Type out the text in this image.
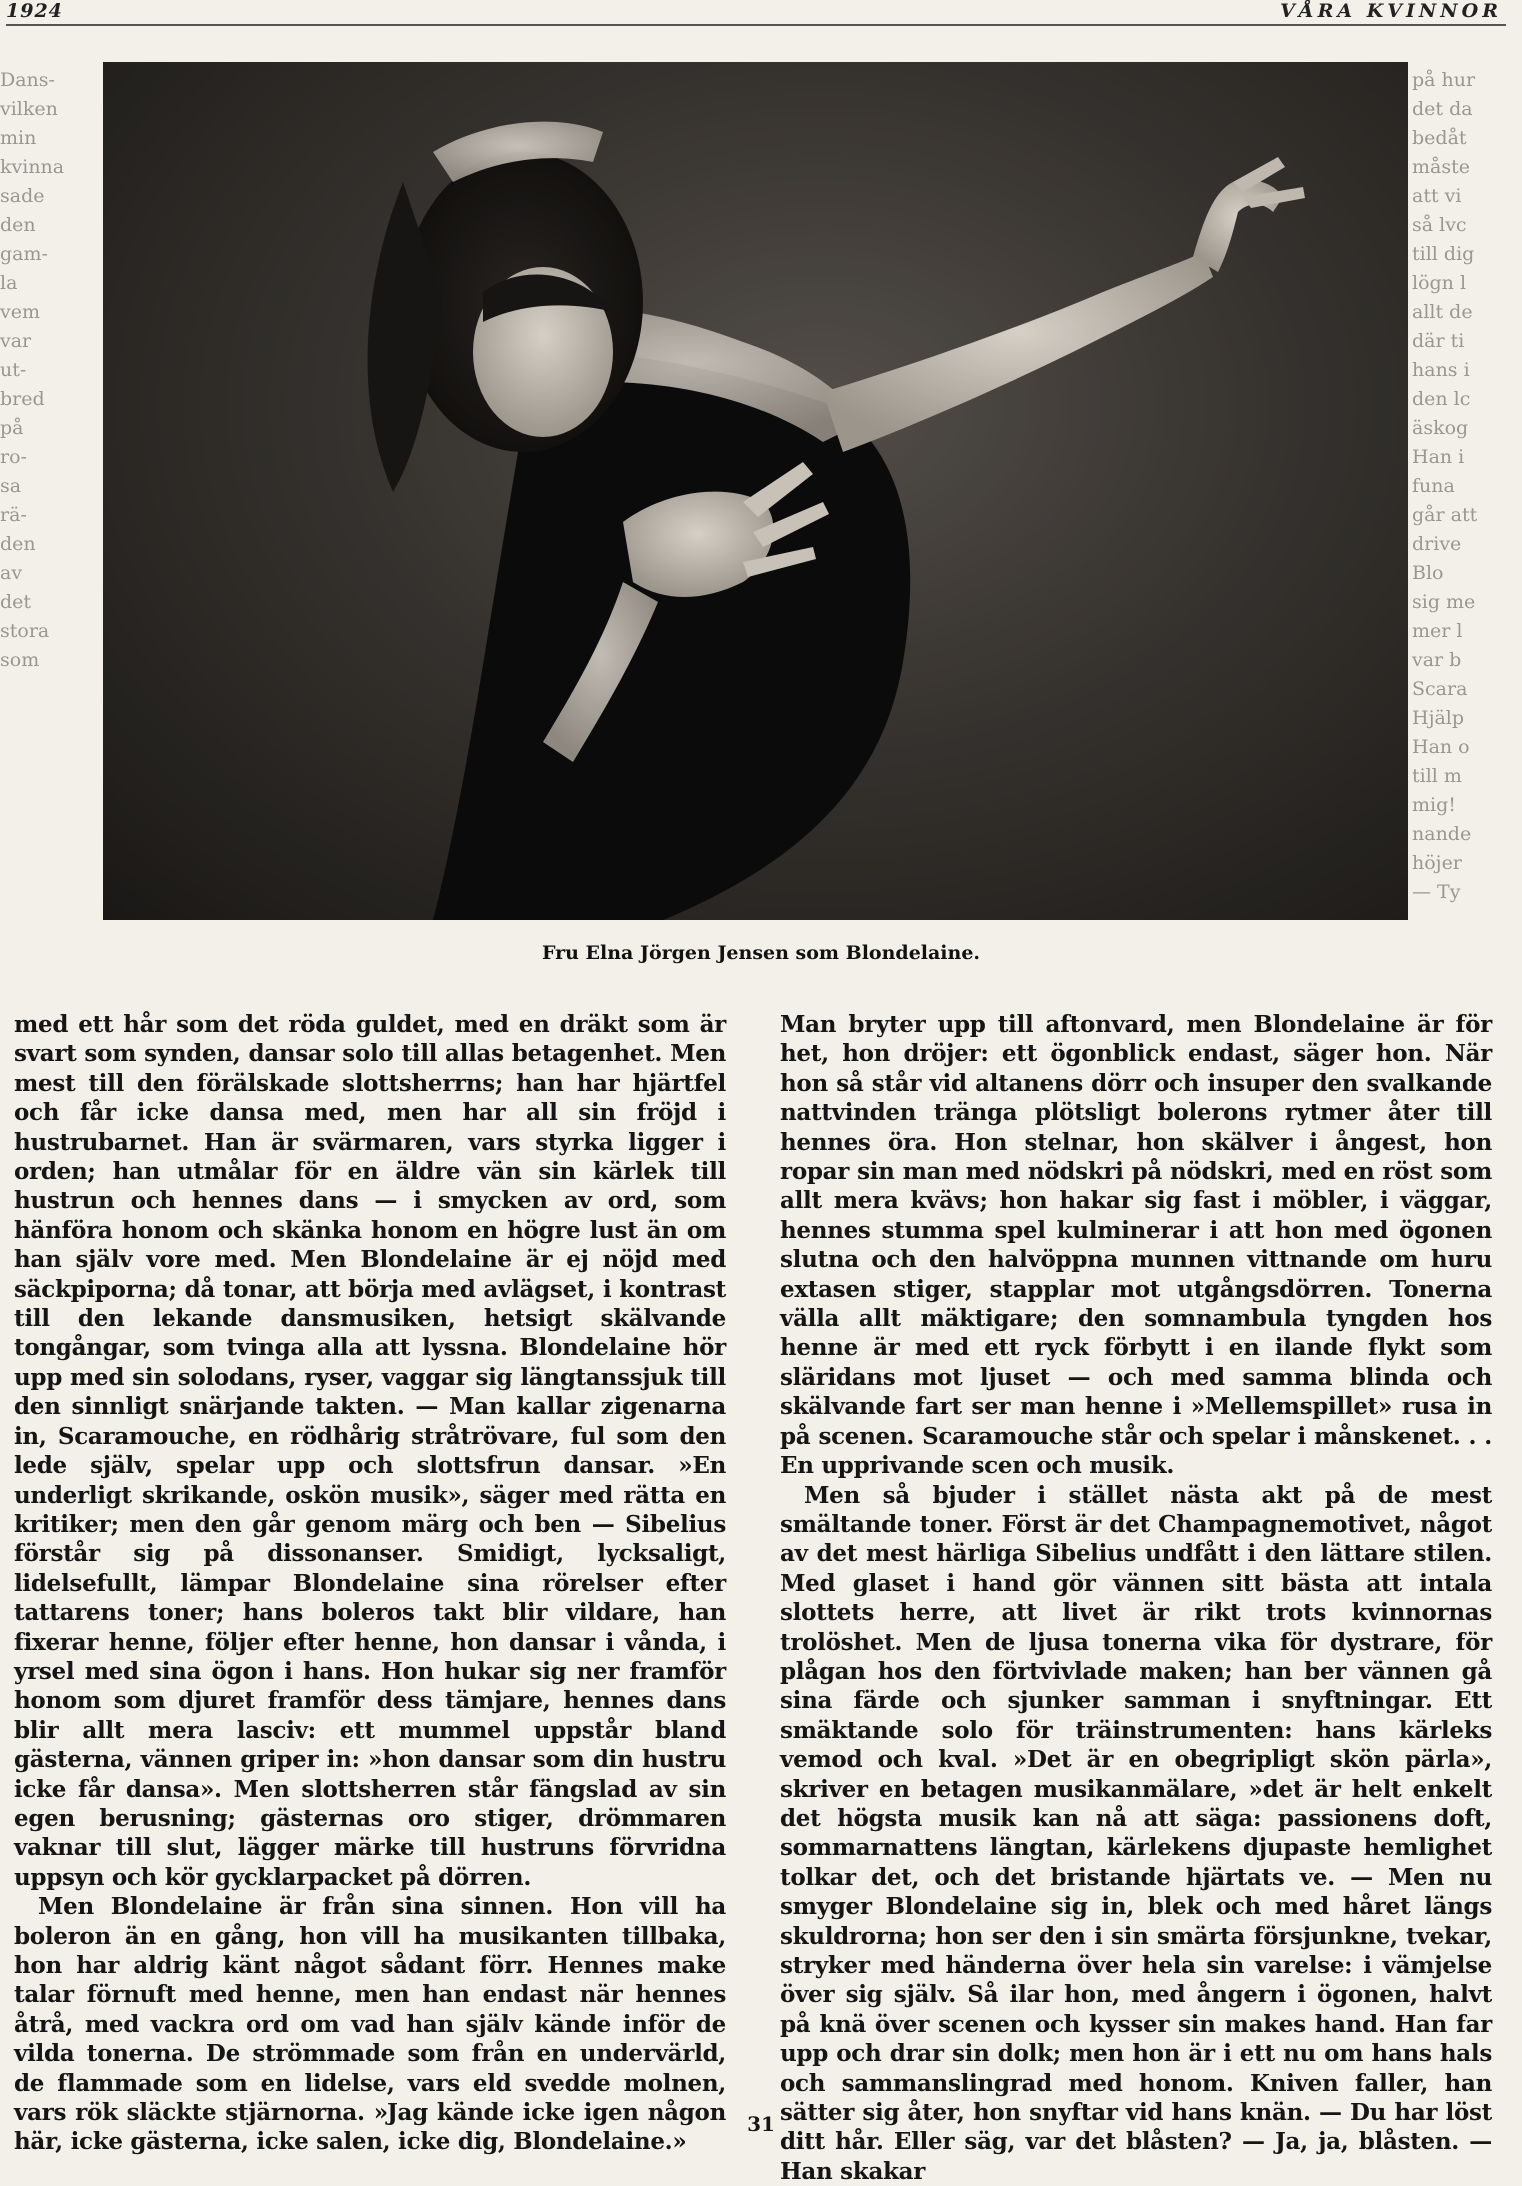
1924	VÅRA KVINNOR
Dans-
vilken
min
kvinna
sade
den
gam-
la
vem
var
ut-
bred
på
ro-
sa
rä-
den
av
det
stora
som
på hur
det da
bedåt
måste
att vi
så lvc
till dig
lögn l
allt de
där ti
hans i
den lc
äskog
Han i
funa
går att
drive
Blo
sig me
mer l
var b
Scara
Hjälp
Han o
till m
mig!
nande
höjer
— Ty
Fru Elna Jörgen Jensen som Blondelaine.

med ett hår som det röda guldet, med en dräkt som är svart som synden, dansar solo till allas betagenhet. Men mest till den förälskade slottsherrns; han har hjärtfel och får icke dansa med, men har all sin fröjd i hustrubarnet. Han är svärmaren, vars styrka ligger i orden; han utmålar för en äldre vän sin kärlek till hustrun och hennes dans — i smycken av ord, som hänföra honom och skänka honom en högre lust än om han själv vore med. Men Blondelaine är ej nöjd med säckpiporna; då tonar, att börja med avlägset, i kontrast till den lekande dansmusiken, hetsigt skälvande tongångar, som tvinga alla att lyssna. Blondelaine hör upp med sin solodans, ryser, vaggar sig längtanssjuk till den sinnligt snärjande takten. — Man kallar zigenarna in, Scaramouche, en rödhårig stråtrövare, ful som den lede själv, spelar upp och slottsfrun dansar. »En underligt skrikande, oskön musik», säger med rätta en kritiker; men den går genom märg och ben — Sibelius förstår sig på dissonanser. Smidigt, lycksaligt, lidelsefullt, lämpar Blondelaine sina rörelser efter tattarens toner; hans boleros takt blir vildare, han fixerar henne, följer efter henne, hon dansar i vånda, i yrsel med sina ögon i hans. Hon hukar sig ner framför honom som djuret framför dess tämjare, hennes dans blir allt mera lasciv: ett mummel uppstår bland gästerna, vännen griper in: »hon dansar som din hustru icke får dansa». Men slottsherren står fängslad av sin egen berusning; gästernas oro stiger, drömmaren vaknar till slut, lägger märke till hustruns förvridna uppsyn och kör gycklarpacket på dörren.

Men Blondelaine är från sina sinnen. Hon vill ha boleron än en gång, hon vill ha musikanten tillbaka, hon har aldrig känt något sådant förr. Hennes make talar förnuft med henne, men han endast när hennes åtrå, med vackra ord om vad han själv kände inför de vilda tonerna. De strömmade som från en undervärld, de flammade som en lidelse, vars eld svedde molnen, vars rök släckte stjärnorna. »Jag kände icke igen någon här, icke gästerna, icke salen, icke dig, Blondelaine.»

Man bryter upp till aftonvard, men Blondelaine är för het, hon dröjer: ett ögonblick endast, säger hon. När hon så står vid altanens dörr och insuper den svalkande nattvinden tränga plötsligt bolerons rytmer åter till hennes öra. Hon stelnar, hon skälver i ångest, hon ropar sin man med nödskri på nödskri, med en röst som allt mera kvävs; hon hakar sig fast i möbler, i väggar, hennes stumma spel kulminerar i att hon med ögonen slutna och den halvöppna munnen vittnande om huru extasen stiger, stapplar mot utgångsdörren. Tonerna välla allt mäktigare; den somnambula tyngden hos henne är med ett ryck förbytt i en ilande flykt som släridans mot ljuset — och med samma blinda och skälvande fart ser man henne i »Mellemspillet» rusa in på scenen. Scaramouche står och spelar i månskenet. . . En upprivande scen och musik.

Men så bjuder i stället nästa akt på de mest smältande toner. Först är det Champagnemotivet, något av det mest härliga Sibelius undfått i den lättare stilen. Med glaset i hand gör vännen sitt bästa att intala slottets herre, att livet är rikt trots kvinnornas trolöshet. Men de ljusa tonerna vika för dystrare, för plågan hos den förtvivlade maken; han ber vännen gå sina färde och sjunker samman i snyftningar. Ett smäktande solo för träinstrumenten: hans kärleks vemod och kval. »Det är en obegripligt skön pärla», skriver en betagen musikanmälare, »det är helt enkelt det högsta musik kan nå att säga: passionens doft, sommarnattens längtan, kärlekens djupaste hemlighet tolkar det, och det bristande hjärtats ve. — Men nu smyger Blondelaine sig in, blek och med håret längs skuldrorna; hon ser den i sin smärta försjunkne, tvekar, stryker med händerna över hela sin varelse: i vämjelse över sig själv. Så ilar hon, med ångern i ögonen, halvt på knä över scenen och kysser sin makes hand. Han far upp och drar sin dolk; men hon är i ett nu om hans hals och sammanslingrad med honom. Kniven faller, han sätter sig åter, hon snyftar vid hans knän. — Du har löst ditt hår. Eller säg, var det blåsten? — Ja, ja, blåsten. — Han skakar

31
